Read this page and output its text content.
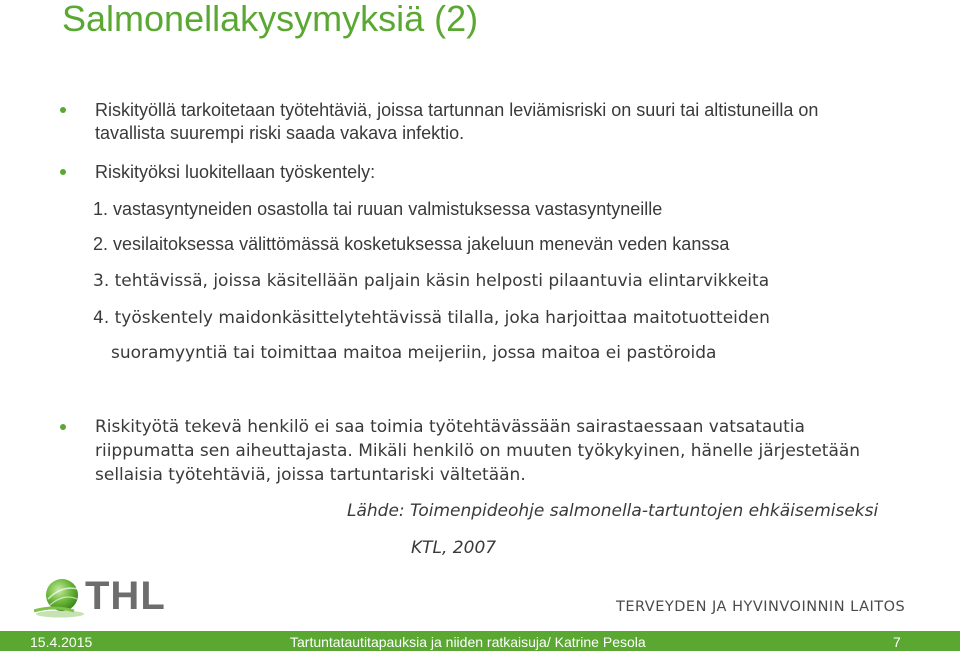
Salmonellakysymyksiä (2)
Riskityöllä tarkoitetaan työtehtäviä, joissa tartunnan leviämisriski on suuri tai altistuneilla on
tavallista suurempi riski saada vakava infektio.
Riskityöksi luokitellaan työskentely:
1. vastasyntyneiden osastolla tai ruuan valmistuksessa vastasyntyneille
2. vesilaitoksessa välittömässä kosketuksessa jakeluun menevän veden kanssa
3. tehtävissä, joissa käsitellään paljain käsin helposti pilaantuvia elintarvikkeita
4. työskentely maidonkäsittelytehtävissä tilalla, joka harjoittaa maitotuotteiden
suoramyyntiä tai toimittaa maitoa meijeriin, jossa maitoa ei pastöroida
Riskityötä tekevä henkilö ei saa toimia työtehtävässään sairastaessaan vatsatautia
riippumatta sen aiheuttajasta. Mikäli henkilö on muuten työkykyinen, hänelle järjestetään
sellaisia työtehtäviä, joissa tartuntariski vältetään.
Lähde: Toimenpideohje salmonella-tartuntojen ehkäisemiseksi
KTL, 2007
THL	TERVEYDEN JA HYVINVOINNIN LAITOS
15.4.2015	Tartuntatautitapauksia ja niiden ratkaisuja/ Katrine Pesola	7
